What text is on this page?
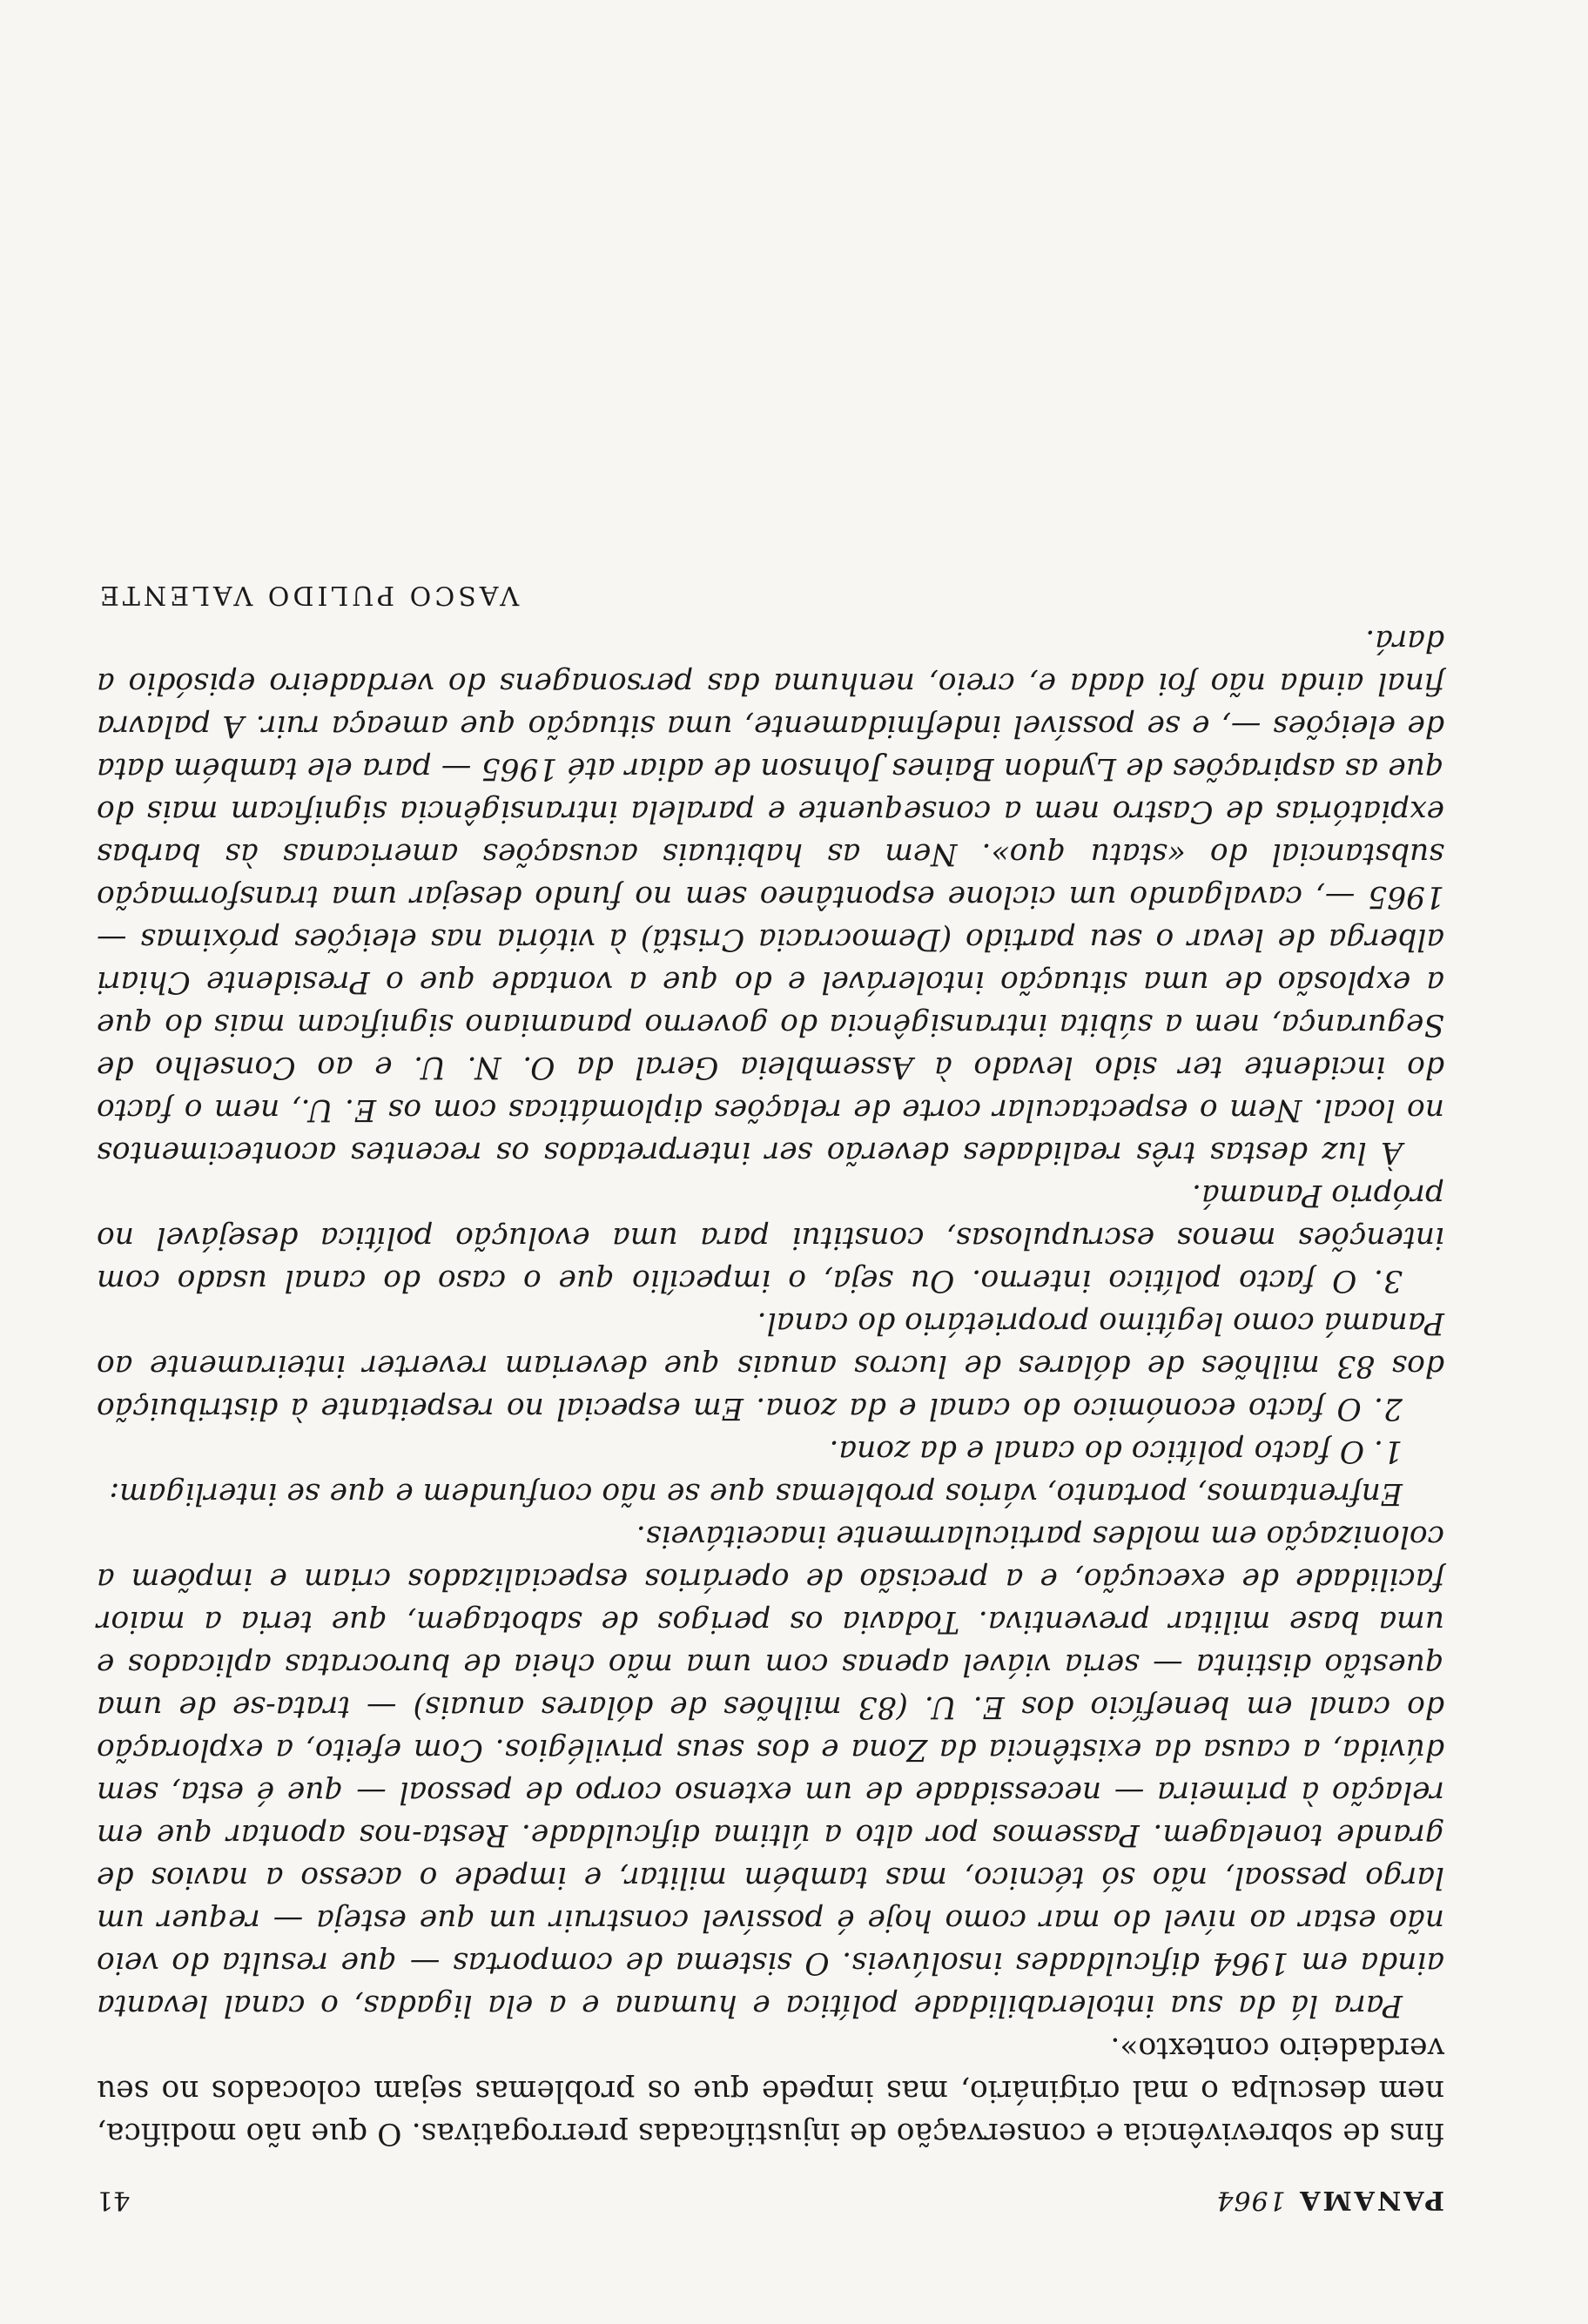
PANAMA 1964
41

fins de sobrevivência e conservação de injustificadas prerrogativas. O que não modifica, nem desculpa o mal originário, mas impede que os problemas sejam colocados no seu verdadeiro contexto».

Para lá da sua intolerabilidade política e humana e a ela ligadas, o canal levanta ainda em 1964 dificuldades insolúveis. O sistema de comportas — que resulta do veio não estar ao nível do mar como hoje é possível construir um que esteja — requer um largo pessoal, não só técnico, mas também militar, e impede o acesso a navios de grande tonelagem. Passemos por alto a última dificuldade. Resta-nos apontar que em relação à primeira — necessidade de um extenso corpo de pessoal — que é esta, sem dúvida, a causa da existência da Zona e dos seus privilégios. Com efeito, a exploração do canal em benefício dos E. U. (83 milhões de dólares anuais) — trata-se de uma questão distinta — seria viável apenas com uma mão cheia de burocratas aplicados e uma base militar preventiva. Todavia os perigos de sabotagem, que teria a maior facilidade de execução, e a precisão de operários especializados criam e impõem a colonização em moldes particularmente inaceitáveis.

Enfrentamos, portanto, vários problemas que se não confundem e que se interligam:

1. O facto político do canal e da zona.

2. O facto económico do canal e da zona. Em especial no respeitante à distribuição dos 83 milhões de dólares de lucros anuais que deveriam reverter inteiramente ao Panamá como legítimo proprietário do canal.

3. O facto político interno. Ou seja, o impecílio que o caso do canal usado com intenções menos escrupulosas, constitui para uma evolução política desejável no próprio Panamá.

À luz destas três realidades deverão ser interpretados os recentes acontecimentos no local. Nem o espectacular corte de relações diplomáticas com os E. U., nem o facto do incidente ter sido levado à Assembleia Geral da O. N. U. e ao Conselho de Segurança, nem a súbita intransigência do governo panamiano significam mais do que a explosão de uma situação intolerável e do que a vontade que o Presidente Chiari alberga de levar o seu partido (Democracia Cristã) à vitória nas eleições próximas — 1965 —, cavalgando um ciclone espontâneo sem no fundo desejar uma transformação substancial do «statu quo». Nem as habituais acusações americanas às barbas expiatórias de Castro nem a consequente e paralela intransigência significam mais do que as aspirações de Lyndon Baines Johnson de adiar até 1965 — para ele também data de eleições —, e se possível indefinidamente, uma situação que ameaça ruir. A palavra final ainda não foi dada e, creio, nenhuma das personagens do verdadeiro episódio a dará.

VASCO PULIDO VALENTE
